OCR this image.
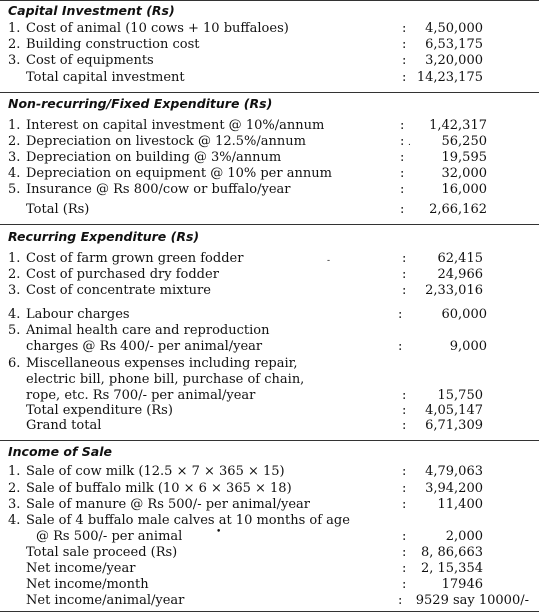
Capital Investment (Rs)
1. Cost of animal (10 cows + 10 buffaloes)	: 4,50,000
2. Building construction cost	: 6,53,175
3. Cost of equipments	: 3,20,000
Total capital investment	: 14,23,175
Non-recurring/Fixed Expenditure (Rs)
1. Interest on capital investment @ 10%/annum	: 1,42,317
2. Depreciation on livestock @ 12.5%/annum	:	56,250
3. Depreciation on building @ 3%/annum	:	19,595
4. Depreciation on equipment @ 10% per annum	:	32,000
5. Insurance @ Rs 800/cow or buffalo/year	:	16,000
Total (Rs)	: 2,66,162
Recurring Expenditure (Rs)
1. Cost of farm grown green fodder	: 62,415
2. Cost of purchased dry fodder	: 24,966
3. Cost of concentrate mixture	: 2,33,016
4. Labour charges	:	60,000
5. Animal health care and reproduction
charges @ Rs 400/- per animal/year	:	9,000
6. Miscellaneous expenses including repair,
electric bill, phone bill, purchase of chain,
rope, etc. Rs 700/- per animal/year	: 15,750
Total expenditure (Rs)	: 4,05,147
Grand total	: 6,71,309
Income of Sale
1. Sale of cow milk (12.5 × 7 × 365 × 15)	: 4,79,063
2. Sale of buffalo milk (10 × 6 × 365 × 18)	: 3,94,200
3. Sale of manure @ Rs 500/- per animal/year	: 11,400
4. Sale of 4 buffalo male calves at 10 months of age
@ Rs 500/- per animal	:	2,000
Total sale proceed (Rs)	: 8, 86,663
Net income/year	: 2, 15,354
Net income/month	:	17946
Net income/animal/year	: 9529 say 10000/-
.
-
•
